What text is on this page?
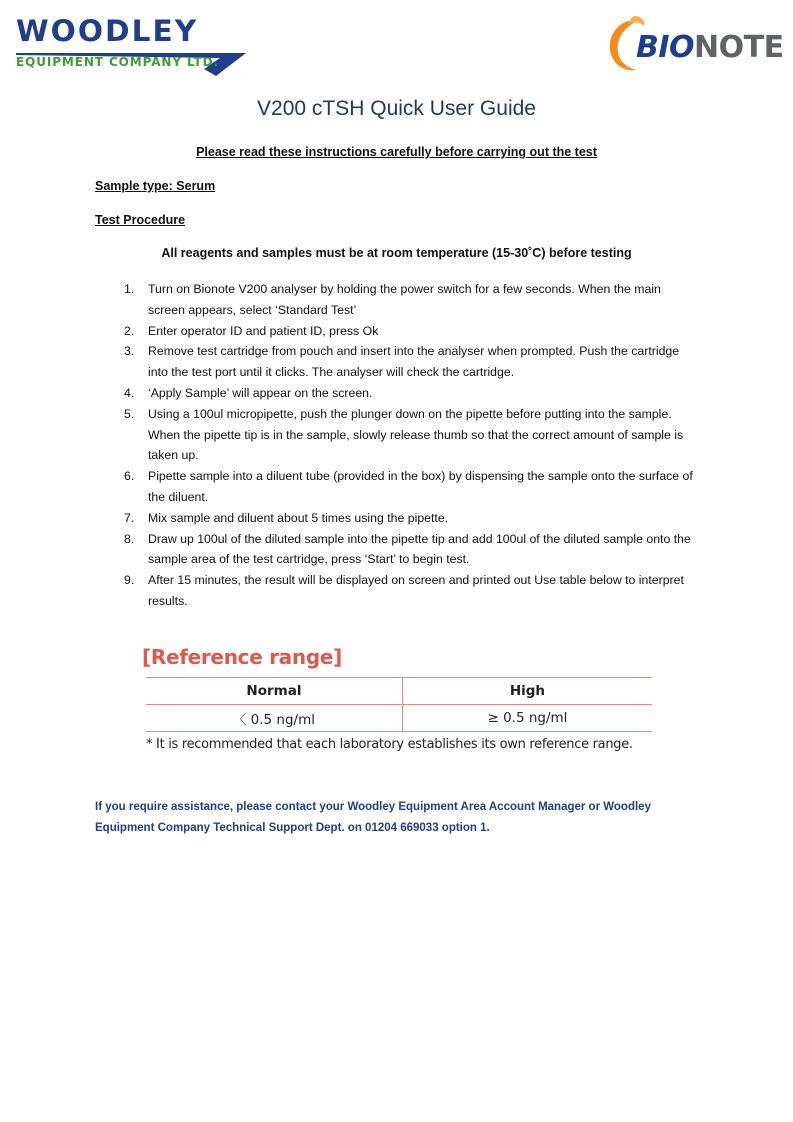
WOODLEY
EQUIPMENT COMPANY LTD.	BIONOTE
V200 cTSH Quick User Guide
Please read these instructions carefully before carrying out the test
Sample type: Serum
Test Procedure
All reagents and samples must be at room temperature (15-30˚C) before testing
1. Turn on Bionote V200 analyser by holding the power switch for a few seconds. When the main screen appears, select ‘Standard Test’
2. Enter operator ID and patient ID, press Ok
3. Remove test cartridge from pouch and insert into the analyser when prompted. Push the cartridge into the test port until it clicks. The analyser will check the cartridge.
4. ‘Apply Sample’ will appear on the screen.
5. Using a 100ul micropipette, push the plunger down on the pipette before putting into the sample. When the pipette tip is in the sample, slowly release thumb so that the correct amount of sample is taken up.
6. Pipette sample into a diluent tube (provided in the box) by dispensing the sample onto the surface of the diluent.
7. Mix sample and diluent about 5 times using the pipette.
8. Draw up 100ul of the diluted sample into the pipette tip and add 100ul of the diluted sample onto the sample area of the test cartridge, press ‘Start’ to begin test.
9. After 15 minutes, the result will be displayed on screen and printed out Use table below to interpret results.
[Reference range]
Normal	High
〈 0.5 ng/ml	≥ 0.5 ng/ml
* It is recommended that each laboratory establishes its own reference range.
If you require assistance, please contact your Woodley Equipment Area Account Manager or Woodley Equipment Company Technical Support Dept. on 01204 669033 option 1.
